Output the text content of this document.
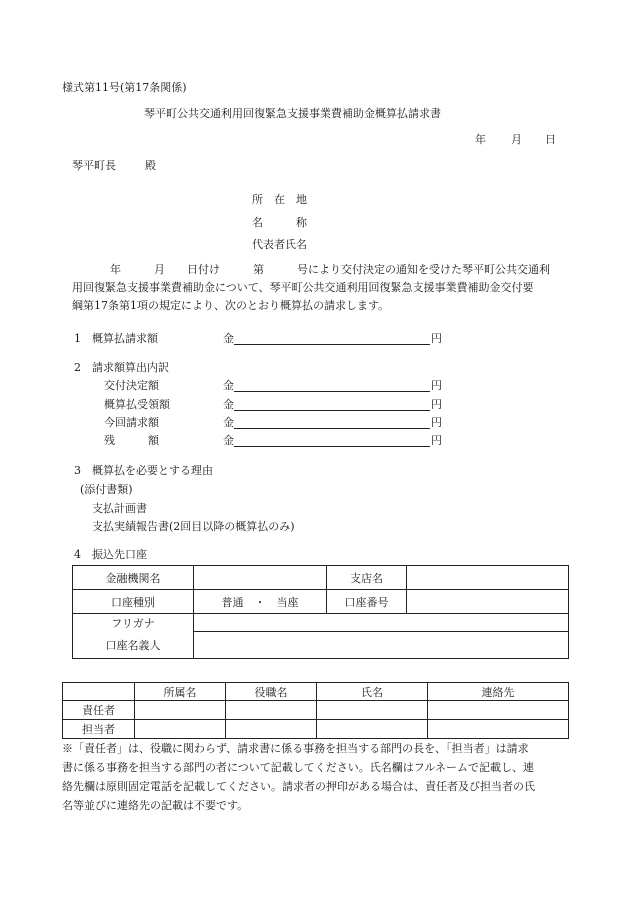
様式第11号(第17条関係)
琴平町公共交通利用回復緊急支援事業費補助金概算払請求書
年 月 日
琴平町長	殿
所　在　地
名　　　称
代表者氏名
年　　　月　　日付け　　　第　　　号により交付決定の通知を受けた琴平町公共交通利
用回復緊急支援事業費補助金について、琴平町公共交通利用回復緊急支援事業費補助金交付要
綱第17条第1項の規定により、次のとおり概算払の請求します。
1　概算払請求額	金	円
2　請求額算出内訳
交付決定額	金	円
概算払受領額	金	円
今回請求額	金	円
残　　　額	金	円
3　概算払を必要とする理由
(添付書類)
支払計画書
支払実績報告書(2回目以降の概算払のみ)
4　振込先口座
金融機関名		支店名	
口座種別	普通　・　当座	口座番号	
フリガナ			
口座名義人			
	所属名	役職名	氏名	連絡先
責任者				
担当者				
※「責任者」は、役職に関わらず、請求書に係る事務を担当する部門の長を、「担当者」は請求
書に係る事務を担当する部門の者について記載してください。氏名欄はフルネームで記載し、連
絡先欄は原則固定電話を記載してください。請求者の押印がある場合は、責任者及び担当者の氏
名等並びに連絡先の記載は不要です。
